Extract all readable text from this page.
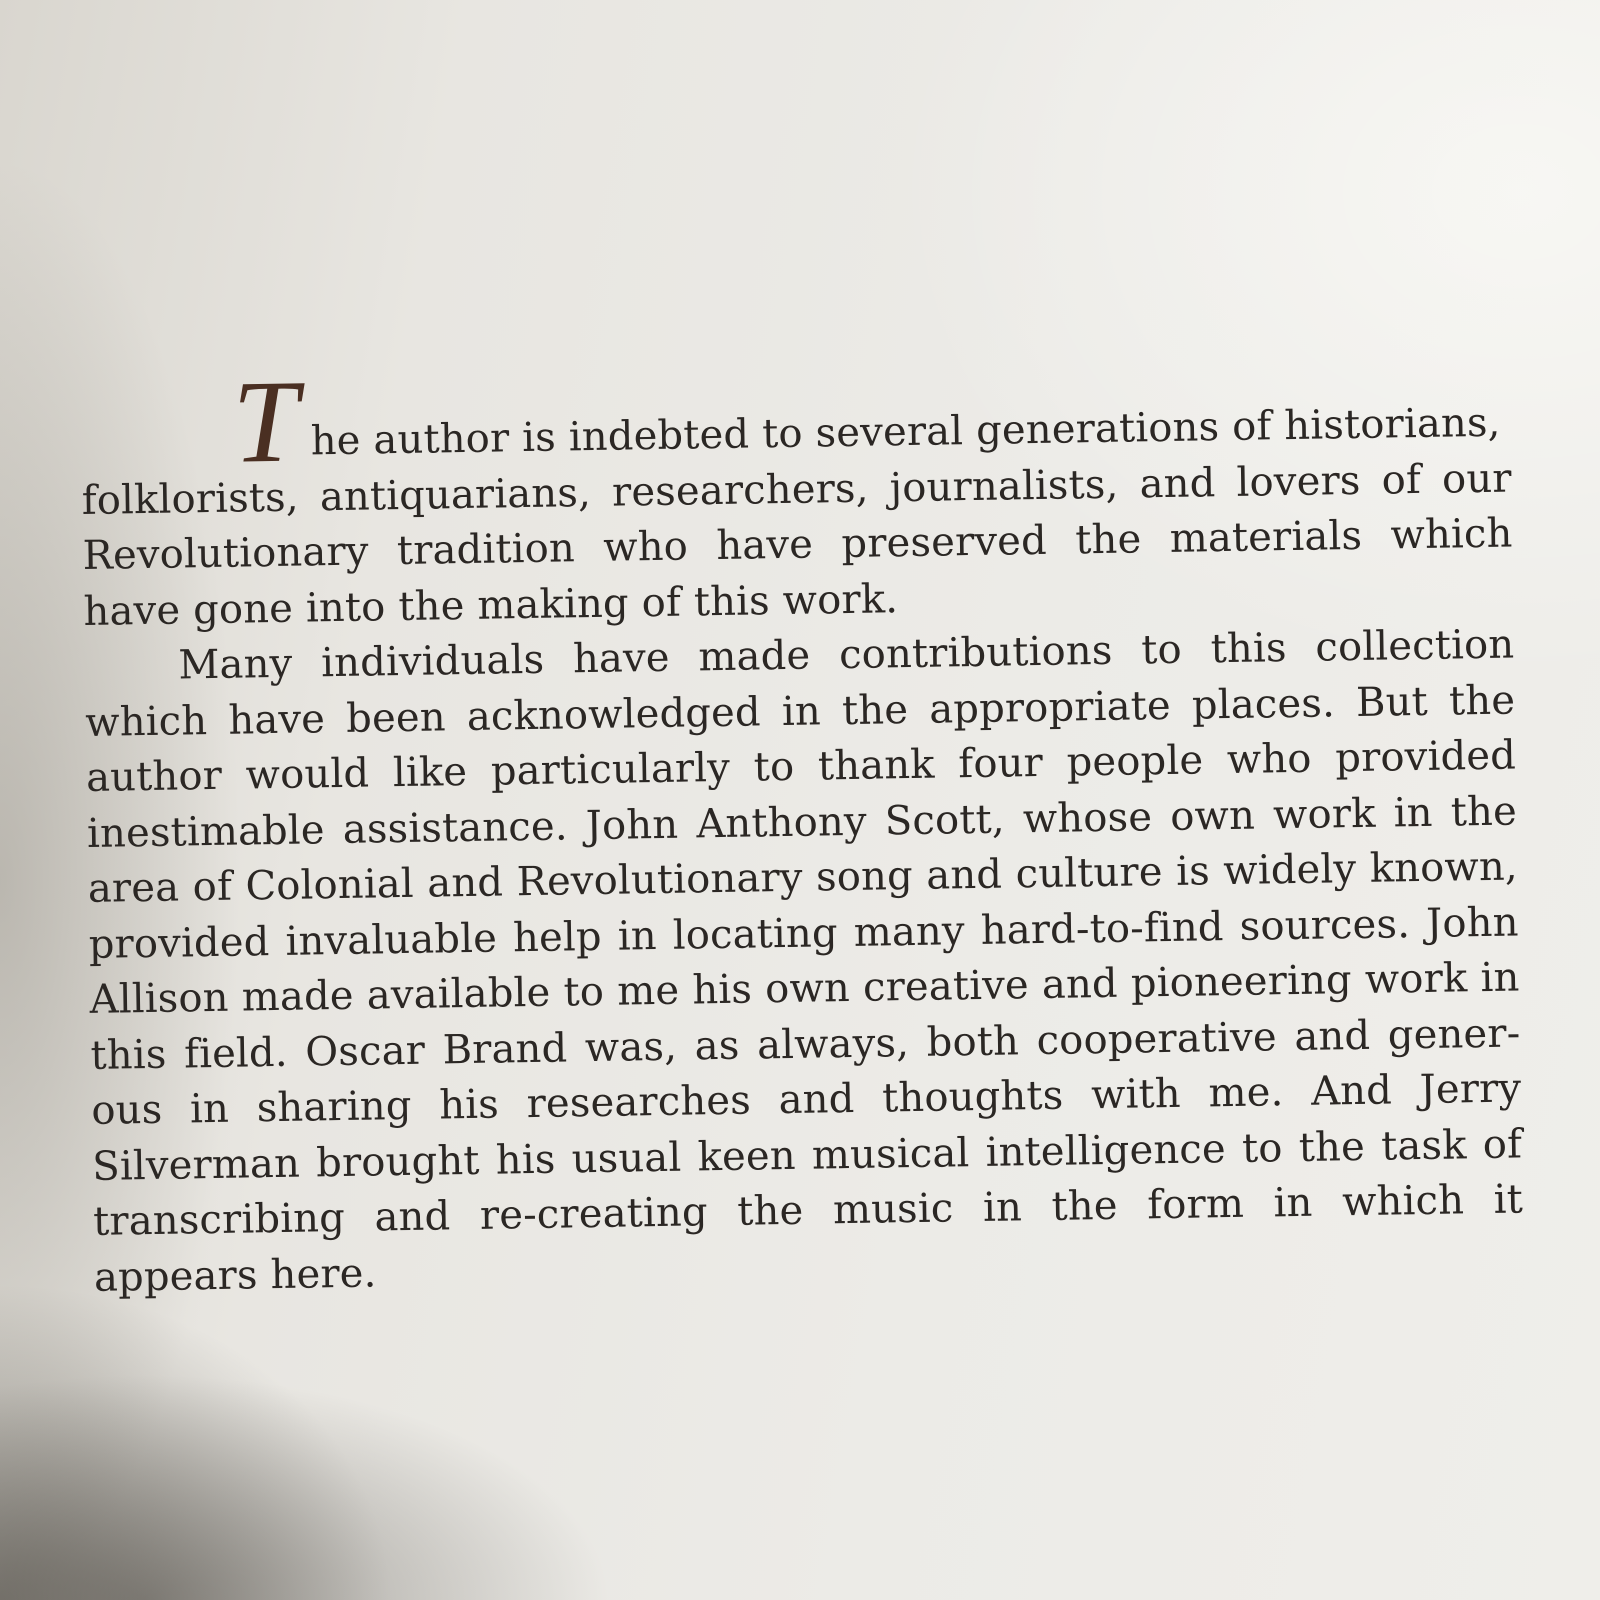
The author is indebted to several generations of historians,
folklorists, antiquarians, researchers, journalists, and lovers of our Revolutionary tradition who have preserved the materials which have gone into the making of this work.

Many individuals have made contributions to this collection which have been acknowledged in the appropriate places. But the author would like particularly to thank four people who provided inestimable assistance. John Anthony Scott, whose own work in the area of Colonial and Revolutionary song and culture is widely known, provided invaluable help in locating many hard-to-find sources. John Allison made available to me his own creative and pioneering work in this field. Oscar Brand was, as always, both cooperative and gener-ous in sharing his researches and thoughts with me. And Jerry Silverman brought his usual keen musical intelligence to the task of transcribing and re-creating the music in the form in which it appears here.
